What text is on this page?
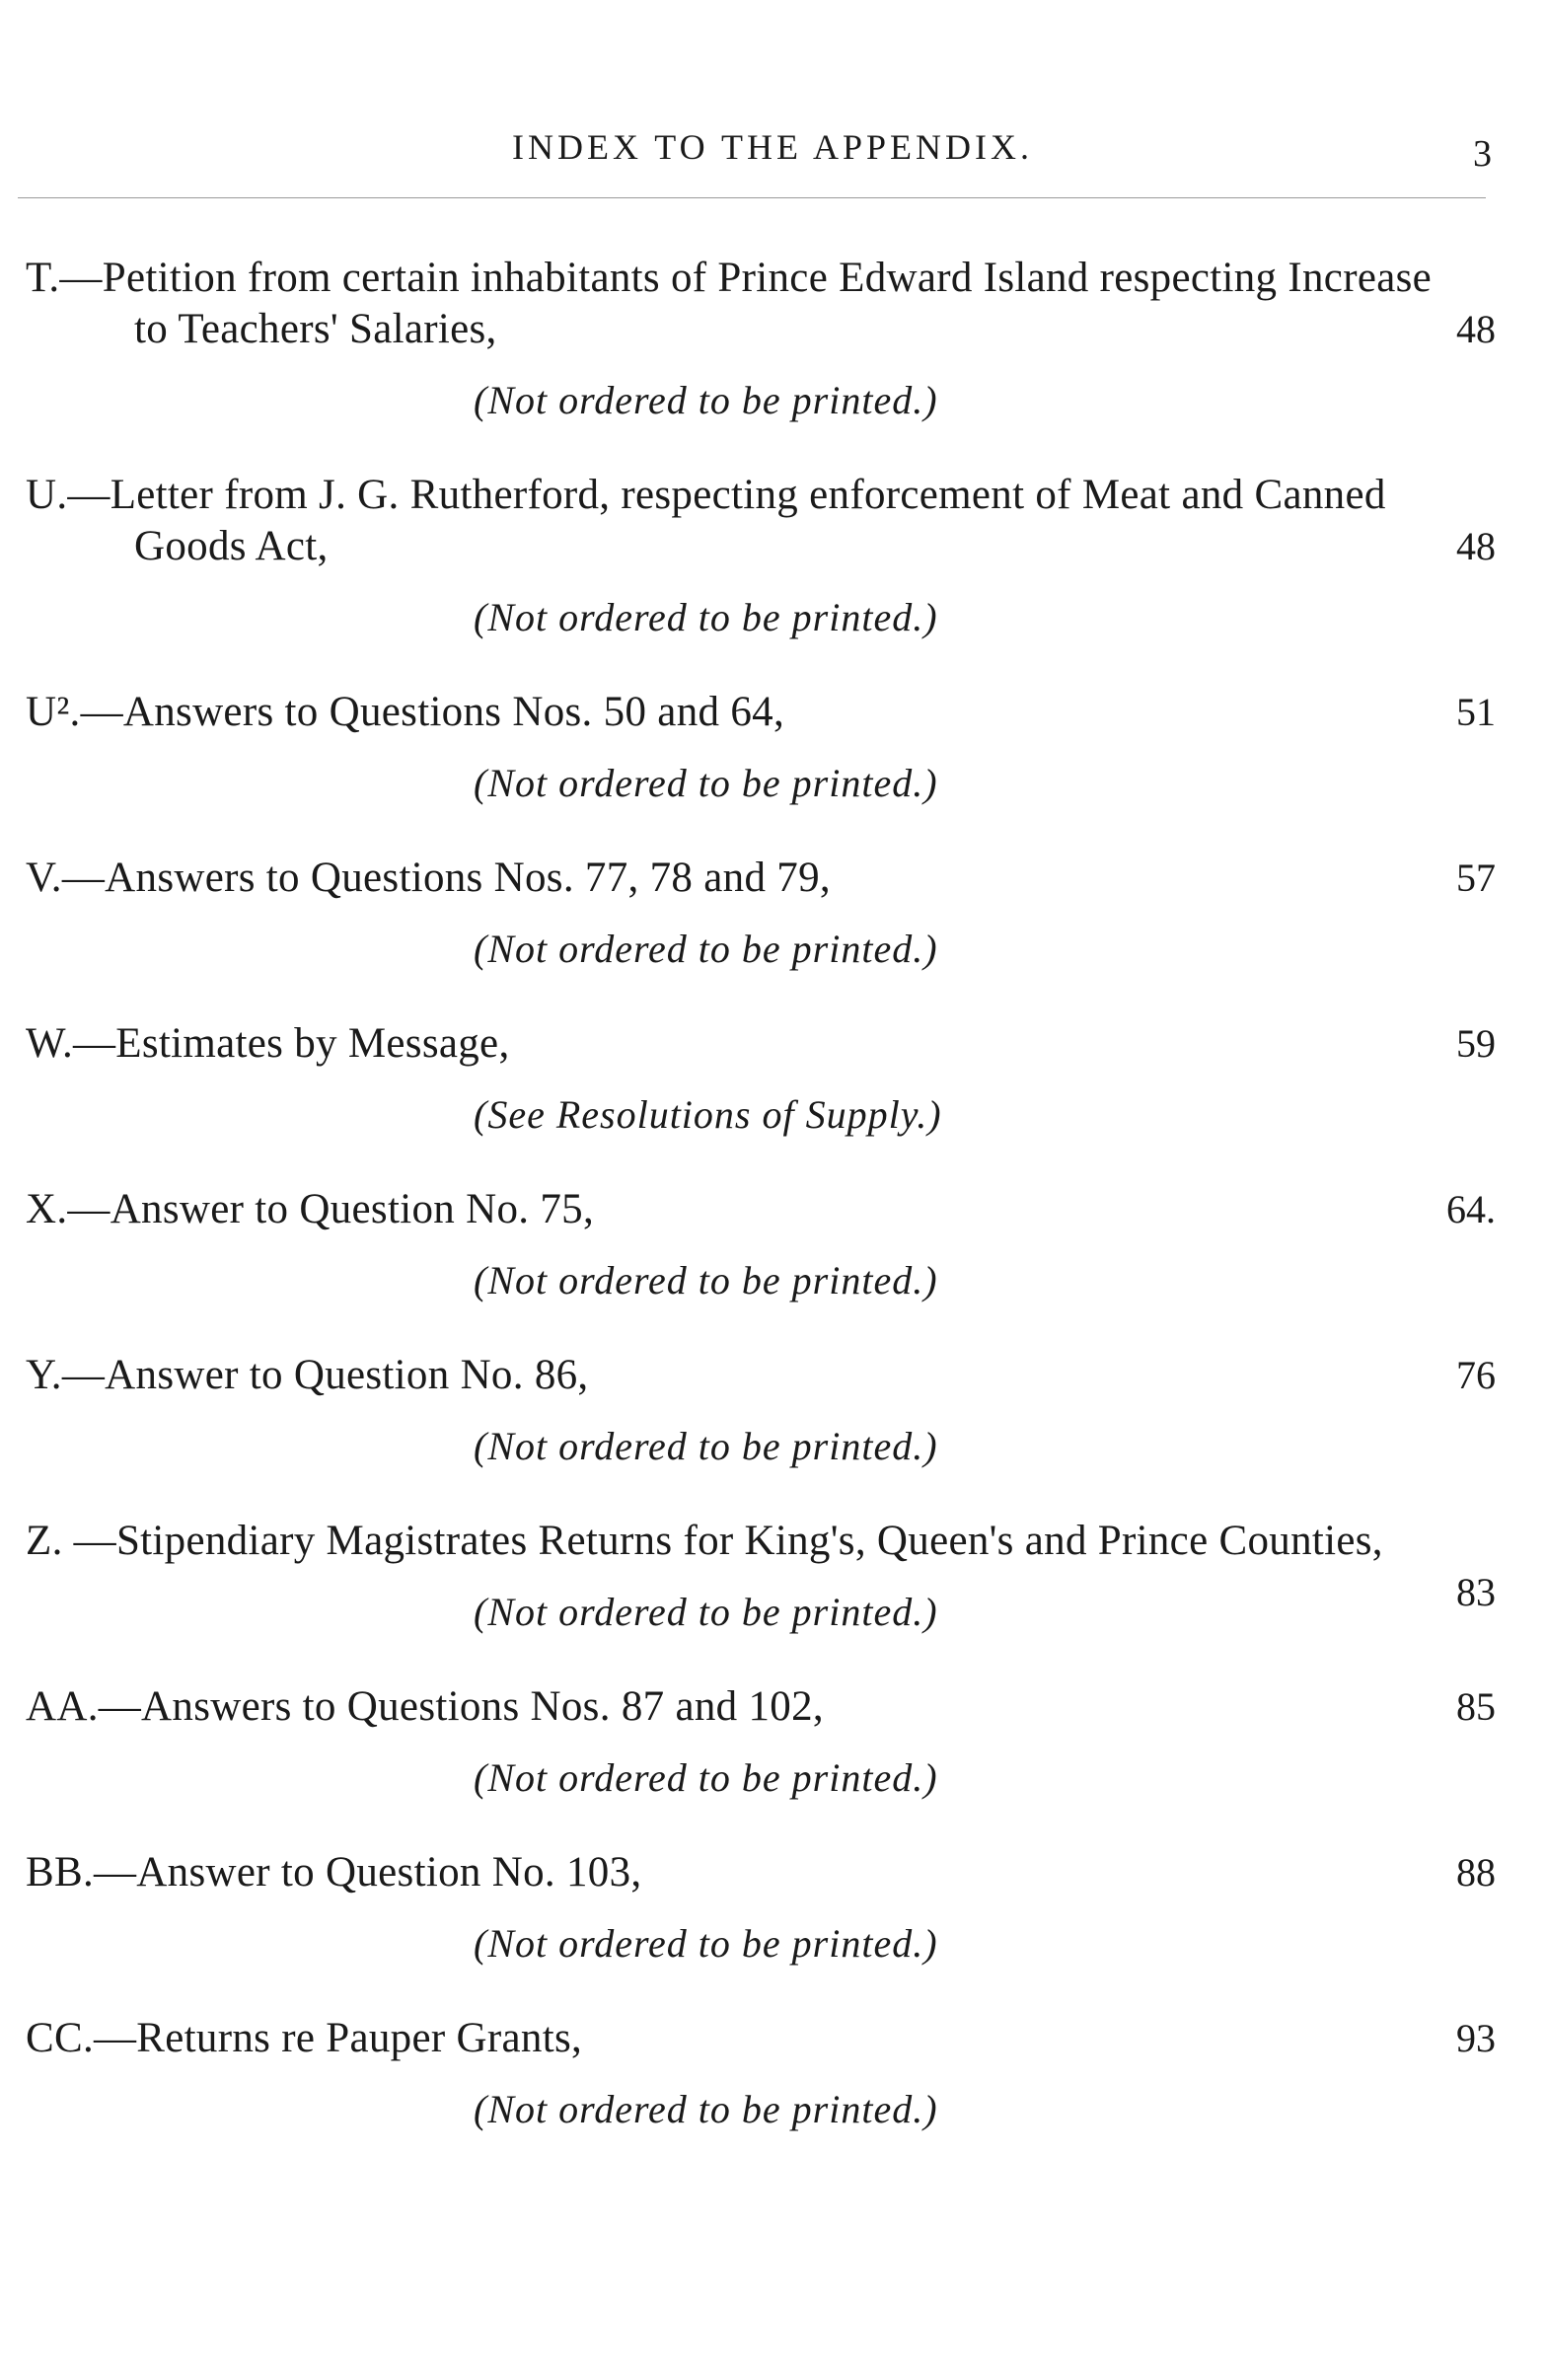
INDEX TO THE APPENDIX.	3
48
T.—Petition from certain inhabitants of Prince Edward Island respecting Increase to Teachers' Salaries,
(Not ordered to be printed.)
48
U.—Letter from J. G. Rutherford, respecting enforcement of Meat and Canned Goods Act,
(Not ordered to be printed.)
51
U².—Answers to Questions Nos. 50 and 64,
(Not ordered to be printed.)
57
V.—Answers to Questions Nos. 77, 78 and 79,
(Not ordered to be printed.)
59
W.—Estimates by Message,
(See Resolutions of Supply.)
64.
X.—Answer to Question No. 75,
(Not ordered to be printed.)
76
Y.—Answer to Question No. 86,
(Not ordered to be printed.)
83
Z. —Stipendiary Magistrates Returns for King's, Queen's and Prince Counties,
(Not ordered to be printed.)
85
AA.—Answers to Questions Nos. 87 and 102,
(Not ordered to be printed.)
88
BB.—Answer to Question No. 103,
(Not ordered to be printed.)
93
CC.—Returns re Pauper Grants,
(Not ordered to be printed.)
